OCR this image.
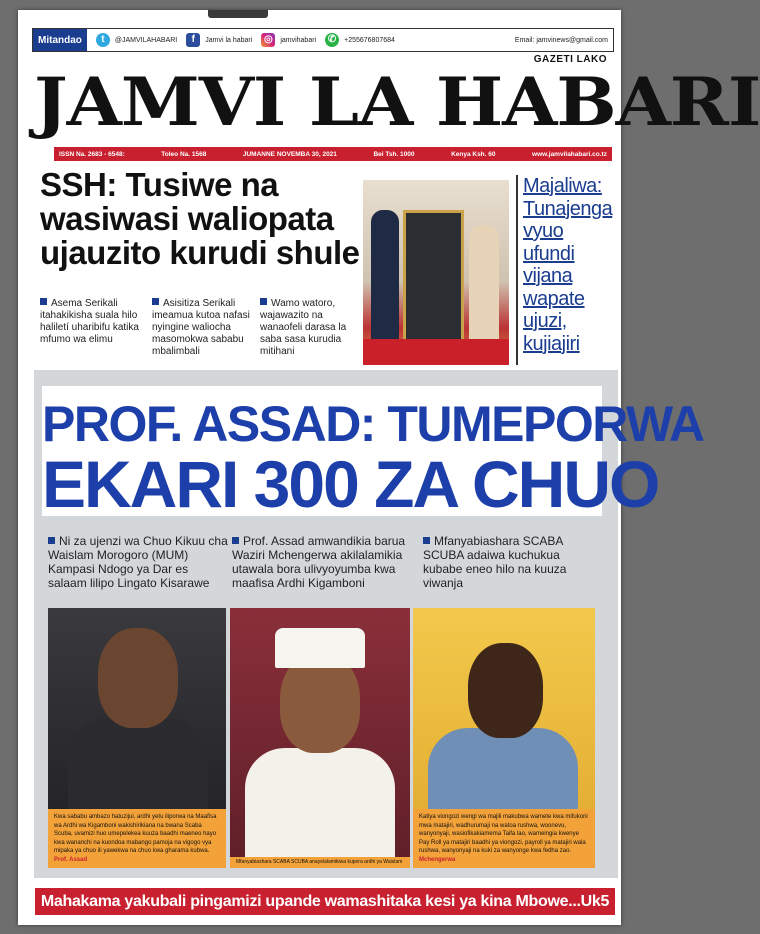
Mitandao	t	@JAMVILAHABARI	f	Jamvi la habari ◎	jamvihabari ✆	+255676807684	Email: jamvinews@gmail.com
GAZETI LAKO
JAMVI LA HABARI
ISSN Na. 2683 - 6548:	Toleo Na. 1568	JUMANNE NOVEMBA 30, 2021	Bei Tsh. 1000	Kenya Ksh. 60	www.jamvilahabari.co.tz
SSH: Tusiwe na wasiwasi waliopata ujauzito kurudi shule
Asema Serikali itahakikisha suala hilo haliletí uharibifu katika mfumo wa elimu
Asisitiza Serikali imeamua kutoa nafasi nyingine waliocha masomokwa sababu mbalimbali
Wamo watoro, wajawazito na wanaofeli darasa la saba sasa kurudia mitihani
Majaliwa: Tunajenga vyuo ufundi vijana wapate ujuzi, kujiajiri
PROF. ASSAD: TUMEPORWA
EKARI 300 ZA CHUO
Ni za ujenzi wa Chuo Kikuu cha Waislam Morogoro (MUM) Kampasi Ndogo ya Dar es salaam lilipo Lingato Kisarawe
Prof. Assad amwandikia barua Waziri Mchengerwa akilalamikia utawala bora ulivyoyumba kwa maafisa Ardhi Kigamboni
Mfanyabiashara SCABA SCUBA adaiwa kuchukua kubabe eneo hilo na kuuza viwanja
Kwa sababu ambazo hatuzijui, ardhi yetu iliporwa na Maafisa wa Ardhi wa Kigamboni wakishirikiana na bwana Scaba Scuba, uvamizi huo umepelekea kuuza baadhi maeneo hayo kwa wananchi na kuondoa mabango pamoja na vigogo vya mipaka ya chuo ili yawekwa na chuo kwa gharama kubwa. Prof. Assad	Mfanyabiashara SCABA SCUBA anayelalamikiwa kupora ardhi ya Waislam
Katiya viongozi wengi wa majili makubwa wamete kwa mifukoni mwa matajiri, wadhurumaji na watoa rushwa, woonevu, wanyonyaji, wasiofikakiamema Taifa lao, wameingia kwenye Pay Roll ya matajiri baadhi ya viongozi, payroll ya matajiri wala rushwa, wanyonyaji na kuki za wanyonge kwa fedha zao. Mchengerwa
Mahakama yakubali pingamizi upande wamashitaka kesi ya kina Mbowe...Uk5
